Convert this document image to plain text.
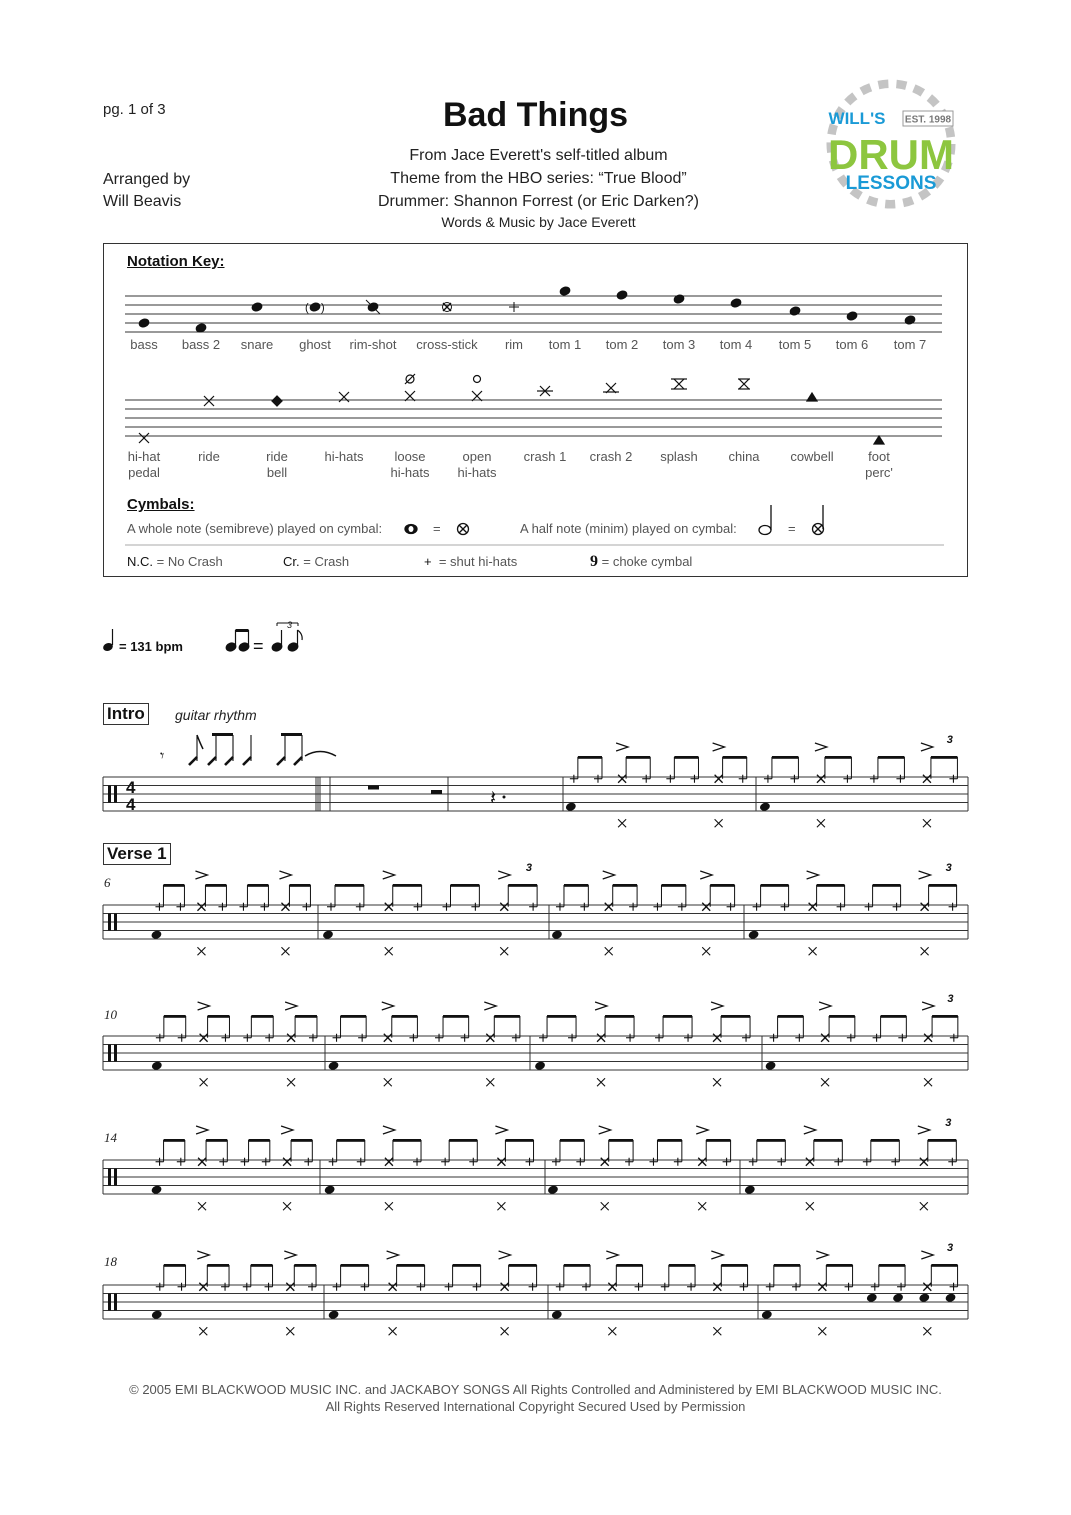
pg. 1 of 3	Bad Things
From Jace Everett's self-titled album
Theme from the HBO series: “True Blood”
Drummer: Shannon Forrest (or Eric Darken?)
Words & Music by Jace Everett
Arranged by
Will Beavis
WILL'S EST. 1998
DRUM
LESSONS
Notation Key:
( )
bass	bass 2	snare	ghost	rim-shot	cross-stick	rim	tom 1	tom 2	tom 3	tom 4	tom 5	tom 6	tom 7
hi-hat
pedal
ride	ride
bell
hi-hats	loose
hi-hats
open
hi-hats
crash 1	crash 2	splash	china	cowbell	foot
perc'
Cymbals:
A whole note (semibreve) played on cymbal:	=	A half note (minim) played on cymbal:	=
N.C. = No Crash	Cr. = Crash	+ = shut hi-hats	9 = choke cymbal
= 131 bpm	=
3
Intro guitar rhythm
Verse 1
6
10
14
18
4
4
𝄾
𝄽
3
3	3
3
3
3
© 2005 EMI BLACKWOOD MUSIC INC. and JACKABOY SONGS All Rights Controlled and Administered by EMI BLACKWOOD MUSIC INC.
All Rights Reserved International Copyright Secured Used by Permission
